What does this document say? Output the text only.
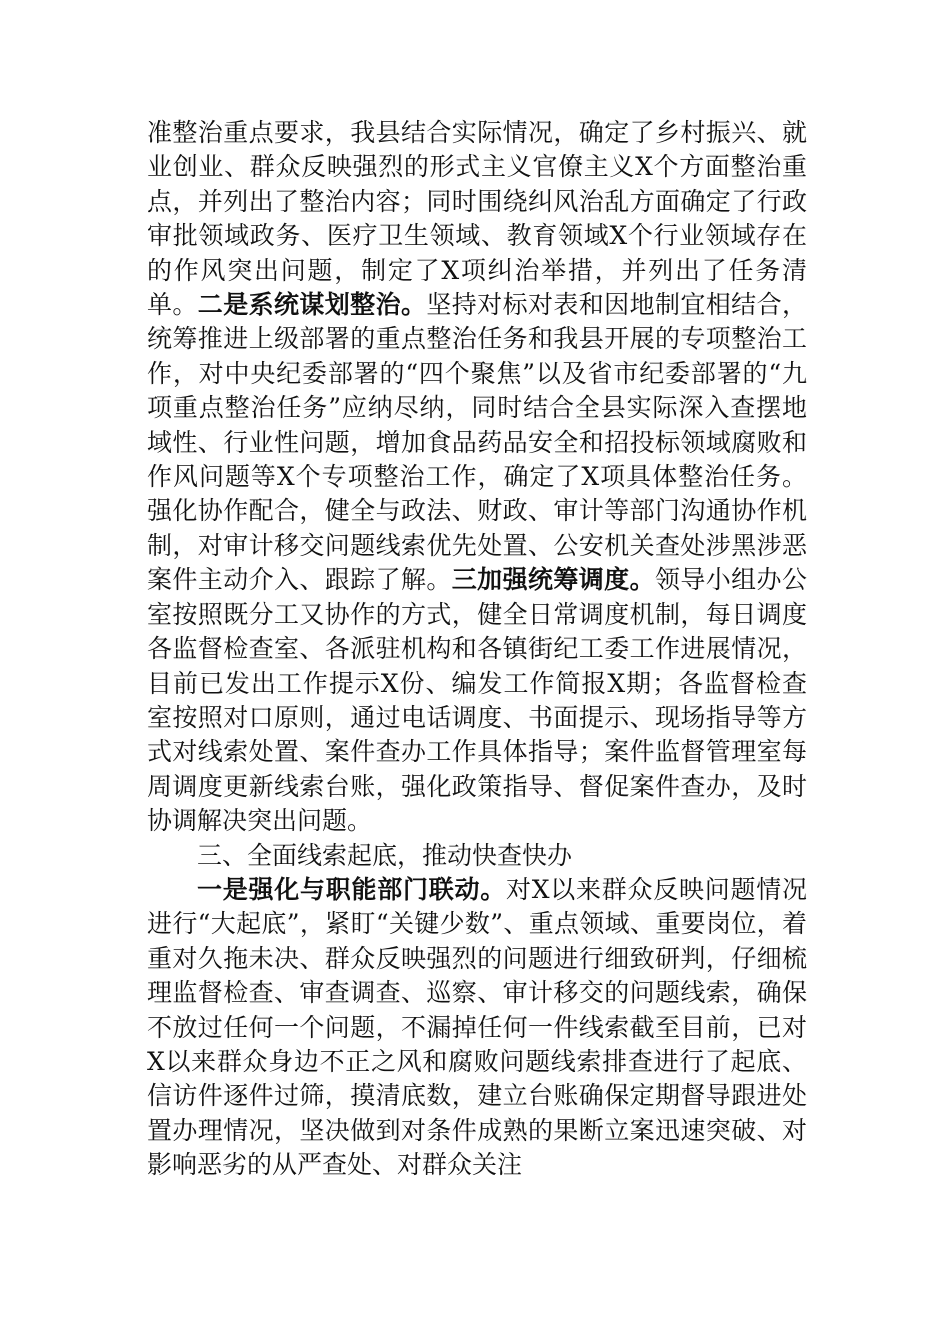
准整治重点要求，我县结合实际情况，确定了乡村振兴、就业创业、群众反映强烈的形式主义官僚主义X个方面整治重点，并列出了整治内容；同时围绕纠风治乱方面确定了行政审批领域政务、医疗卫生领域、教育领域X个行业领域存在的作风突出问题，制定了X项纠治举措，并列出了任务清单。二是系统谋划整治。坚持对标对表和因地制宜相结合，统筹推进上级部署的重点整治任务和我县开展的专项整治工作，对中央纪委部署的“四个聚焦”以及省市纪委部署的“九项重点整治任务”应纳尽纳，同时结合全县实际深入查摆地域性、行业性问题，增加食品药品安全和招投标领域腐败和作风问题等X个专项整治工作，确定了X项具体整治任务。强化协作配合，健全与政法、财政、审计等部门沟通协作机制，对审计移交问题线索优先处置、公安机关查处涉黑涉恶案件主动介入、跟踪了解。三加强统筹调度。领导小组办公室按照既分工又协作的方式，健全日常调度机制，每日调度各监督检查室、各派驻机构和各镇街纪工委工作进展情况，目前已发出工作提示X份、编发工作简报X期；各监督检查室按照对口原则，通过电话调度、书面提示、现场指导等方式对线索处置、案件查办工作具体指导；案件监督管理室每周调度更新线索台账，强化政策指导、督促案件查办，及时协调解决突出问题。

三、全面线索起底，推动快查快办

一是强化与职能部门联动。对X以来群众反映问题情况进行“大起底”，紧盯“关键少数”、重点领域、重要岗位，着重对久拖未决、群众反映强烈的问题进行细致研判，仔细梳理监督检查、审查调查、巡察、审计移交的问题线索，确保不放过任何一个问题，不漏掉任何一件线索截至目前，已对X以来群众身边不正之风和腐败问题线索排查进行了起底、信访件逐件过筛，摸清底数，建立台账确保定期督导跟进处置办理情况，坚决做到对条件成熟的果断立案迅速突破、对影响恶劣的从严查处、对群众关注
